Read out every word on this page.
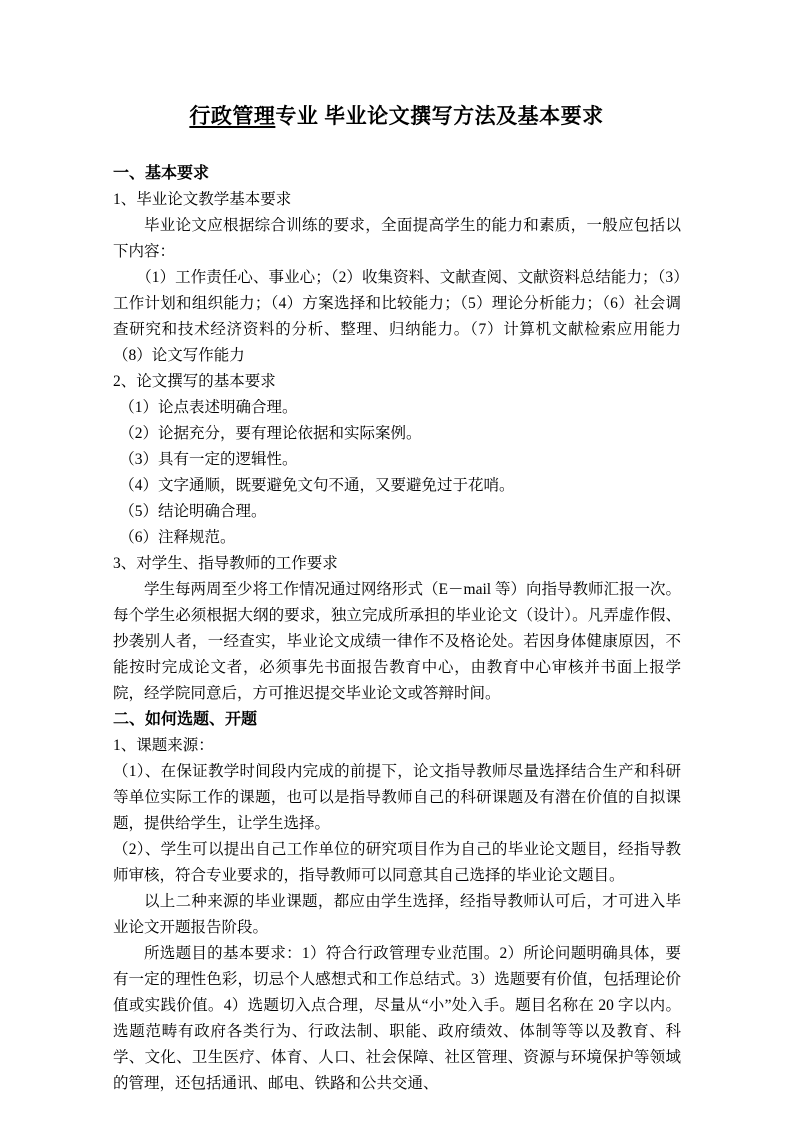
行政管理专业 毕业论文撰写方法及基本要求

一、基本要求

1、毕业论文教学基本要求

毕业论文应根据综合训练的要求，全面提高学生的能力和素质，一般应包括以下内容：

（1）工作责任心、事业心；（2）收集资料、文献查阅、文献资料总结能力；（3）工作计划和组织能力；（4）方案选择和比较能力；（5）理论分析能力；（6）社会调查研究和技术经济资料的分析、整理、归纳能力。（7）计算机文献检索应用能力（8）论文写作能力

2、论文撰写的基本要求

（1）论点表述明确合理。

（2）论据充分，要有理论依据和实际案例。

（3）具有一定的逻辑性。

（4）文字通顺，既要避免文句不通，又要避免过于花哨。

（5）结论明确合理。

（6）注释规范。

3、对学生、指导教师的工作要求

学生每两周至少将工作情况通过网络形式（E－mail 等）向指导教师汇报一次。每个学生必须根据大纲的要求，独立完成所承担的毕业论文（设计）。凡弄虚作假、抄袭别人者，一经查实，毕业论文成绩一律作不及格论处。若因身体健康原因，不能按时完成论文者，必须事先书面报告教育中心，由教育中心审核并书面上报学院，经学院同意后，方可推迟提交毕业论文或答辩时间。

二、如何选题、开题

1、课题来源：

（1）、在保证教学时间段内完成的前提下，论文指导教师尽量选择结合生产和科研等单位实际工作的课题，也可以是指导教师自己的科研课题及有潜在价值的自拟课题，提供给学生，让学生选择。

（2）、学生可以提出自己工作单位的研究项目作为自己的毕业论文题目，经指导教师审核，符合专业要求的，指导教师可以同意其自己选择的毕业论文题目。

以上二种来源的毕业课题，都应由学生选择，经指导教师认可后，才可进入毕业论文开题报告阶段。

所选题目的基本要求：1）符合行政管理专业范围。2）所论问题明确具体，要有一定的理性色彩，切忌个人感想式和工作总结式。3）选题要有价值，包括理论价值或实践价值。4）选题切入点合理，尽量从“小”处入手。题目名称在 20 字以内。选题范畴有政府各类行为、行政法制、职能、政府绩效、体制等等以及教育、科学、文化、卫生医疗、体育、人口、社会保障、社区管理、资源与环境保护等领域的管理，还包括通讯、邮电、铁路和公共交通、
